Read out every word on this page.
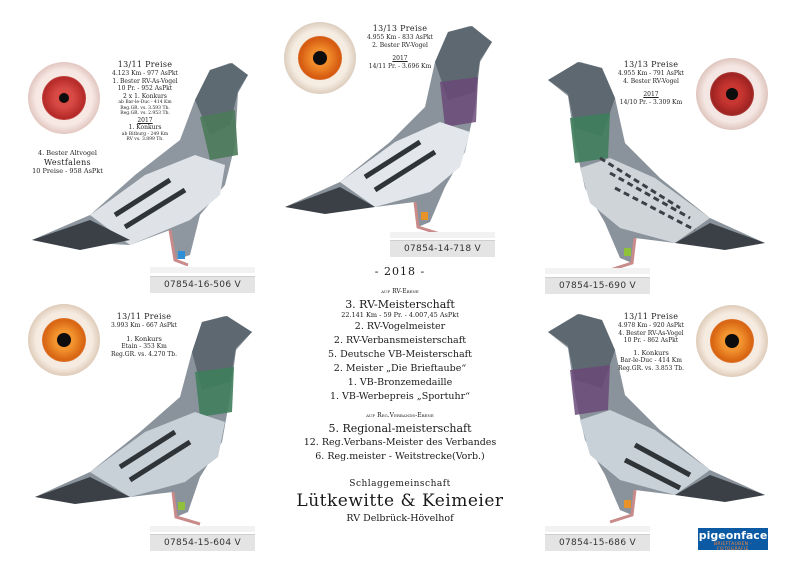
07854-16-506 V
13/11 Preise
4.123 Km - 977 AsPkt
1. Bester RV-As-Vogel
10 Pr. - 952 AsPkt
2 x 1. Konkurs
ab Bar-le-Duc - 414 Km
Reg.GR. vs. 3.593 Tb.
Reg.GR. vs. 2.953 Tb.
2017
1. Konkurs
ab Bitburg - 249 Km
RV vs. 3.899 Tb.
4. Bester Altvogel
Westfalens
10 Preise - 958 AsPkt
07854-14-718 V
13/13 Preise
4.955 Km - 833 AsPkt
2. Bester RV-Vogel
2017
14/11 Pr. - 3.696 Km
07854-15-690 V
13/13 Preise
4.955 Km - 791 AsPkt
4. Bester RV-Vogel
2017
14/10 Pr. - 3.309 Km
07854-15-604 V
13/11 Preise
3.993 Km - 667 AsPkt
1. Konkurs
Etain - 353 Km
Reg.GR. vs. 4.270 Tb.
07854-15-686 V
13/11 Preise
4.978 Km - 920 AsPkt
4. Bester RV-As-Vogel
10 Pr. - 862 AsPkt
1. Konkurs
Bar-le-Duc - 414 Km
Reg.GR. vs. 3.853 Tb.
- 2018 -
auf RV-Ebene
3. RV-Meisterschaft
22.141 Km - 59 Pr. - 4.007,45 AsPkt
2. RV-Vogelmeister
2. RV-Verbansmeisterschaft
5. Deutsche VB-Meisterschaft
2. Meister „Die Brieftaube“
1. VB-Bronzemedaille
1. VB-Werbepreis „Sportuhr“
auf Reg.Verbands-Ebene
5. Regional-meisterschaft
12. Reg.Verbans-Meister des Verbandes
6. Reg.meister - Weitstrecke(Vorb.)
Schlaggemeinschaft
Lütkewitte & Keimeier
RV Delbrück-Hövelhof
pigeonface
BRIEFTAUBEN - FOTOGRAFIE
